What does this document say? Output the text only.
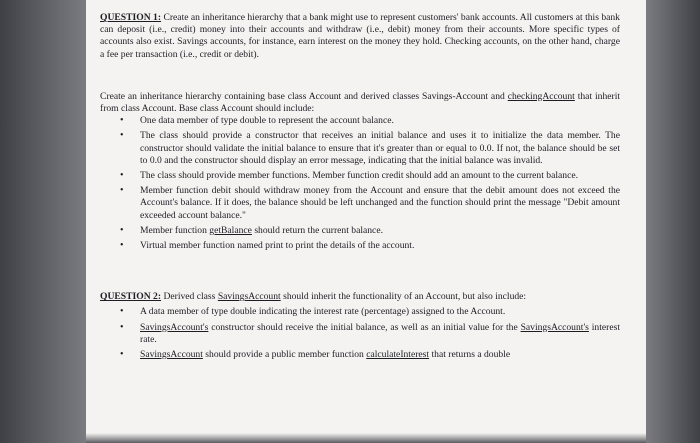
QUESTION 1: Create an inheritance hierarchy that a bank might use to represent customers' bank accounts. All customers at this bank can deposit (i.e., credit) money into their accounts and withdraw (i.e., debit) money from their accounts. More specific types of accounts also exist. Savings accounts, for instance, earn interest on the money they hold. Checking accounts, on the other hand, charge a fee per transaction (i.e., credit or debit).

Create an inheritance hierarchy containing base class Account and derived classes Savings-Account and checkingAccount that inherit from class Account. Base class Account should include:

• One data member of type double to represent the account balance.
• The class should provide a constructor that receives an initial balance and uses it to initialize the data member. The constructor should validate the initial balance to ensure that it's greater than or equal to 0.0. If not, the balance should be set to 0.0 and the constructor should display an error message, indicating that the initial balance was invalid.
• The class should provide member functions. Member function credit should add an amount to the current balance.
• Member function debit should withdraw money from the Account and ensure that the debit amount does not exceed the Account's balance. If it does, the balance should be left unchanged and the function should print the message "Debit amount exceeded account balance."
• Member function getBalance should return the current balance.
• Virtual member function named print to print the details of the account.

QUESTION 2: Derived class SavingsAccount should inherit the functionality of an Account, but also include:

• A data member of type double indicating the interest rate (percentage) assigned to the Account.
• SavingsAccount's constructor should receive the initial balance, as well as an initial value for the SavingsAccount's interest rate.
• SavingsAccount should provide a public member function calculateInterest that returns a double
